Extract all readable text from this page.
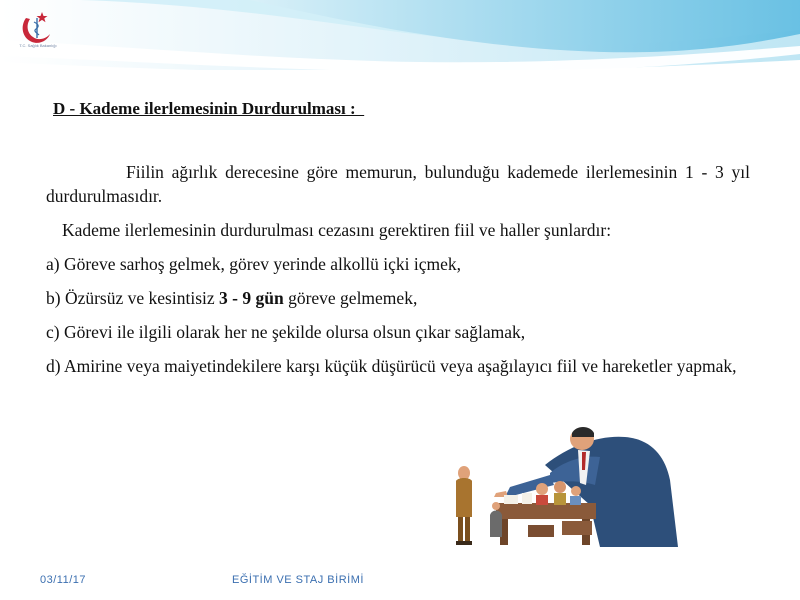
T.C. Sağlık Bakanlığı
D - Kademe ilerlemesinin Durdurulması :

Fiilin ağırlık derecesine göre memurun, bulunduğu kademede ilerlemesinin 1 - 3 yıl durdurulmasıdır.

Kademe ilerlemesinin durdurulması cezasını gerektiren fiil ve haller şunlardır:

a) Göreve sarhoş gelmek, görev yerinde alkollü içki içmek,

b) Özürsüz ve kesintisiz 3 - 9 gün göreve gelmemek,

c) Görevi ile ilgili olarak her ne şekilde olursa olsun çıkar sağlamak,

d) Amirine veya maiyetindekilere karşı küçük düşürücü veya aşağılayıcı fiil ve hareketler yapmak,

03/11/17	EĞİTİM VE STAJ BİRİMİ
